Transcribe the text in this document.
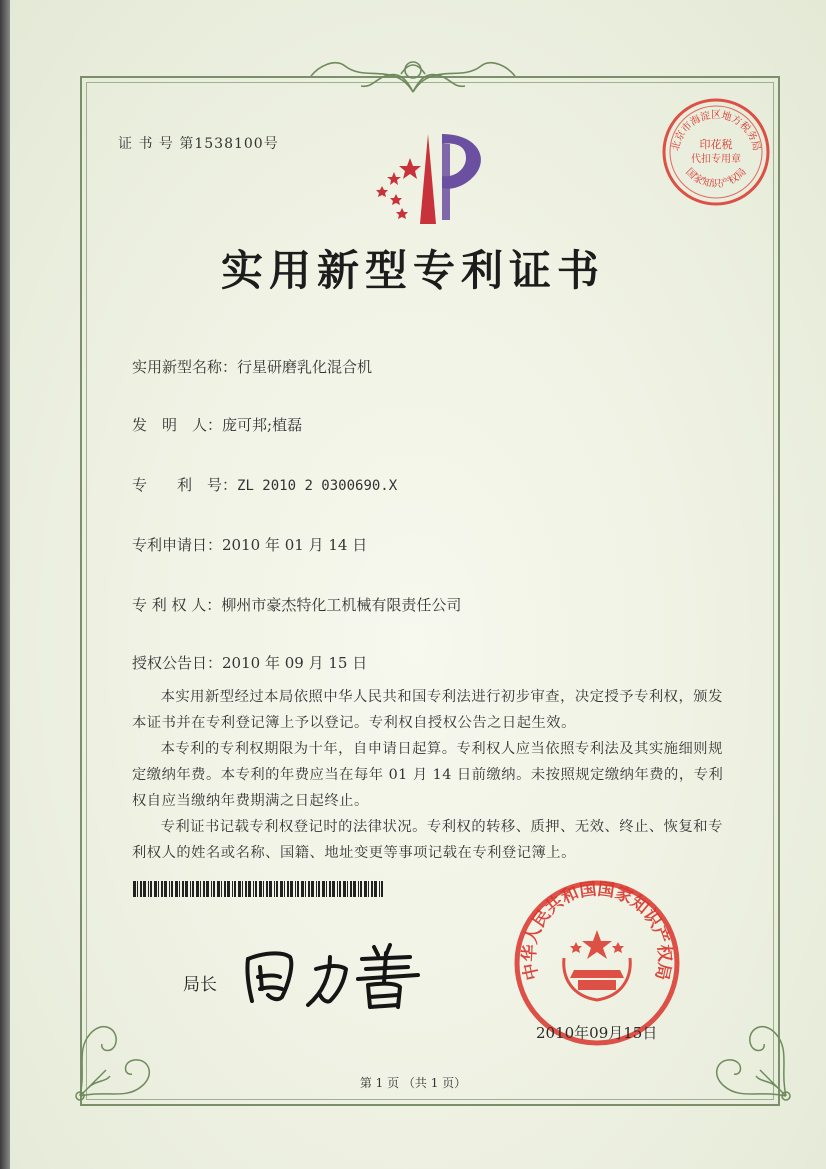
证 书 号 第1538100号
实用新型专利证书
实用新型名称：行星研磨乳化混合机
发　明　人：庞可邦;植磊
专　　利　号：ZL 2010 2 0300690.X
专利申请日：2010 年 01 月 14 日
专 利 权 人：柳州市豪杰特化工机械有限责任公司
授权公告日：2010 年 09 月 15 日

本实用新型经过本局依照中华人民共和国专利法进行初步审查，决定授予专利权，颁发本证书并在专利登记簿上予以登记。专利权自授权公告之日起生效。

本专利的专利权期限为十年，自申请日起算。专利权人应当依照专利法及其实施细则规定缴纳年费。本专利的年费应当在每年 01 月 14 日前缴纳。未按照规定缴纳年费的，专利权自应当缴纳年费期满之日起终止。

专利证书记载专利权登记时的法律状况。专利权的转移、质押、无效、终止、恢复和专利权人的姓名或名称、国籍、地址变更等事项记载在专利登记簿上。

局长
中华人民共和国国家知识产权局
2010年09月15日
北京市海淀区地方税务局
国家知识产权局
印花税
代扣专用章
第 1 页 （共 1 页）
